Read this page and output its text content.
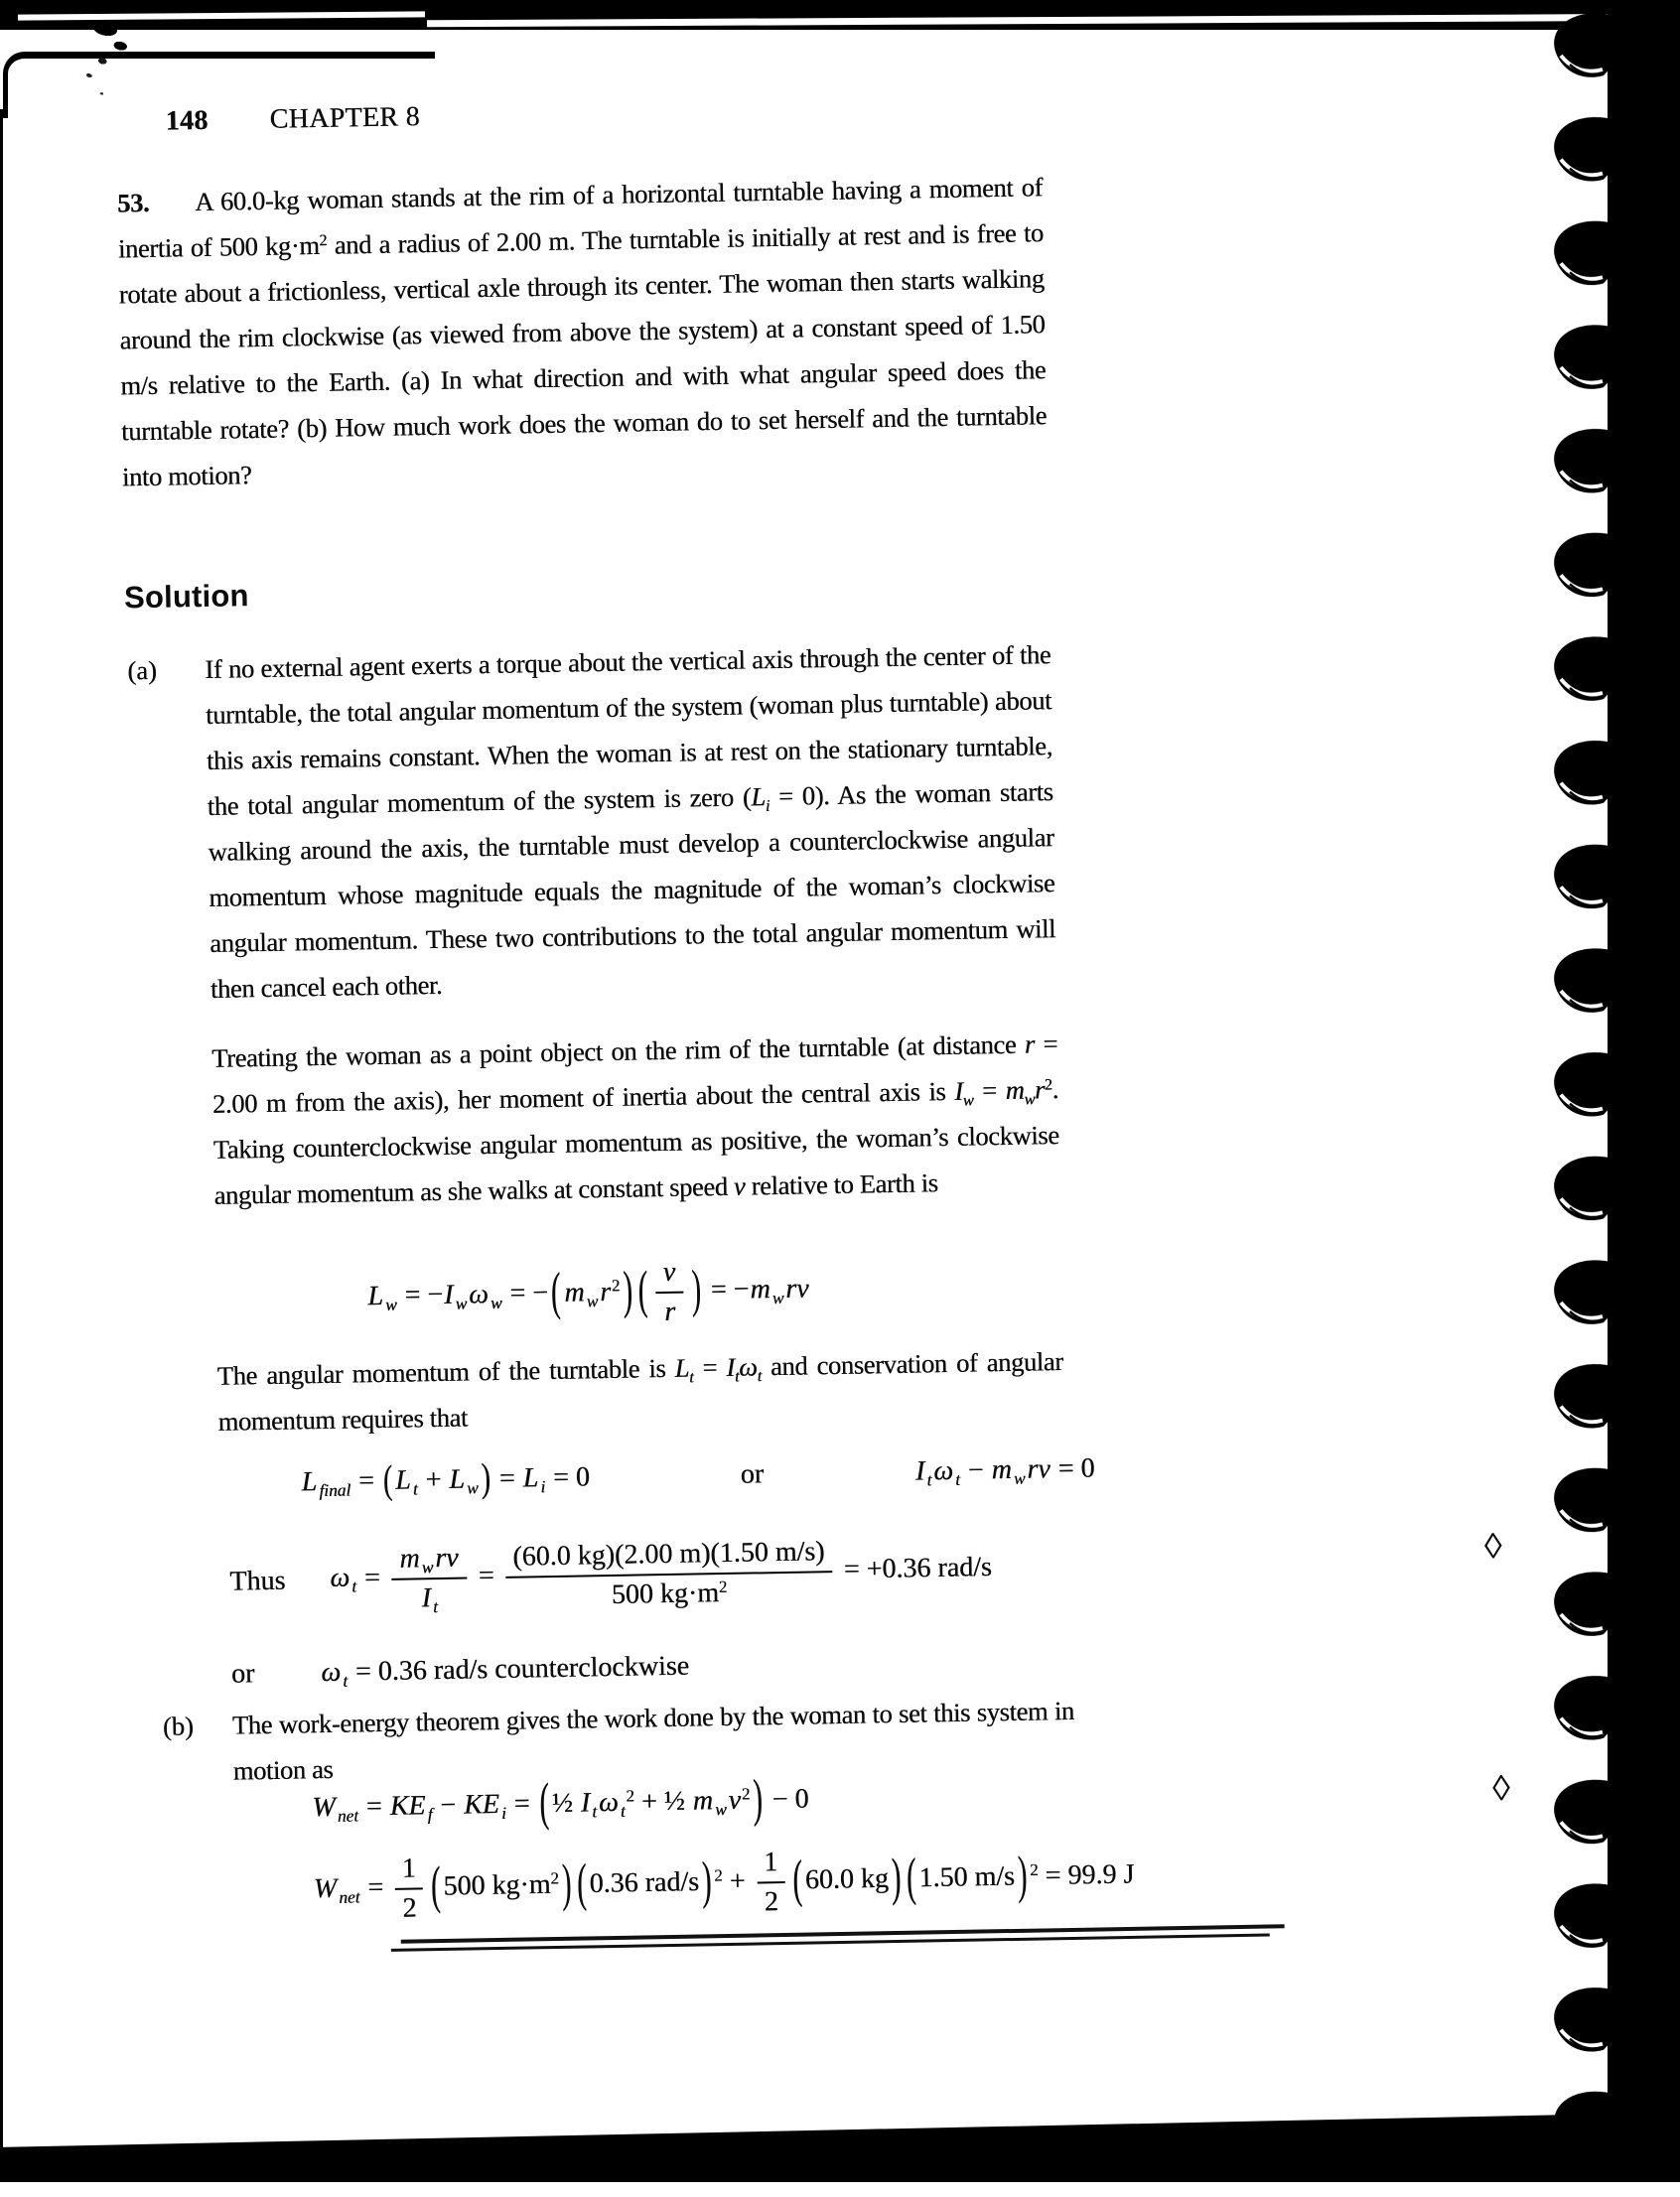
148 CHAPTER 8

53. A 60.0-kg woman stands at the rim of a horizontal turntable having a moment of inertia of 500 $kg\cdot m^2$ and a radius of 2.00 m. The turntable is initially at rest and is free to rotate about a frictionless, vertical axle through its center. The woman then starts walking around the rim clockwise (as viewed from above the system) at a constant speed of 1.50 m/s relative to the Earth. (a) In what direction and with what angular speed does the turntable rotate? (b) How much work does the woman do to set herself and the turntable into motion?

Solution
(a) If no external agent exerts a torque about the vertical axis through the center of the turntable, the total angular momentum of the system (woman plus turntable) about this axis remains constant. When the woman is at rest on the stationary turntable, the total angular momentum of the system is zero $(L_i = 0)$. As the woman starts walking around the axis, the turntable must develop a counterclockwise angular momentum whose magnitude equals the magnitude of the woman’s clockwise angular momentum. These two contributions to the total angular momentum will then cancel each other.
Treating the woman as a point object on the rim of the turntable (at distance r = 2.00 m from the axis), her moment of inertia about the central axis is $I_w = m_wr^2$. Taking counterclockwise angular momentum as positive, the woman’s clockwise angular momentum as she walks at constant speed v relative to Earth is
$L_w = -I_w\omega_w$ = −( $m_wr^2$) ( $\frac{v}{r}$ ) = $-m_wrv$
The angular momentum of the turntable is $L_t = I_t\omega_t$ and conservation of angular momentum requires that
$L_{final} = (L_t + L_w) = L_i = 0$	or	$I_t\omega_t - m_wrv = 0$
Thus $\omega_t = \frac{m_wrv}{I_t} = \frac{(60.0 kg)(2.00 m)(1.50 m/s)}{500 kg\cdot m^2} = +0.36$ rad/s
or $\omega_t = 0.36$ rad/s counterclockwise
◊
(b) The work-energy theorem gives the work done by the woman to set this system in motion as
$W_{net} = KE_f - KE_i$ = (½ $I_t\omega_t^2$ + ½ $m_wv^2) - 0$
$W_{net} = \frac{1}{2} (500$ $kg\cdot m^2$) (0.36 rad/s) $^2 + \frac{1}{2} (60.0$ kg) (1.50 m/s) $^2$ = 99.9 J
◊
